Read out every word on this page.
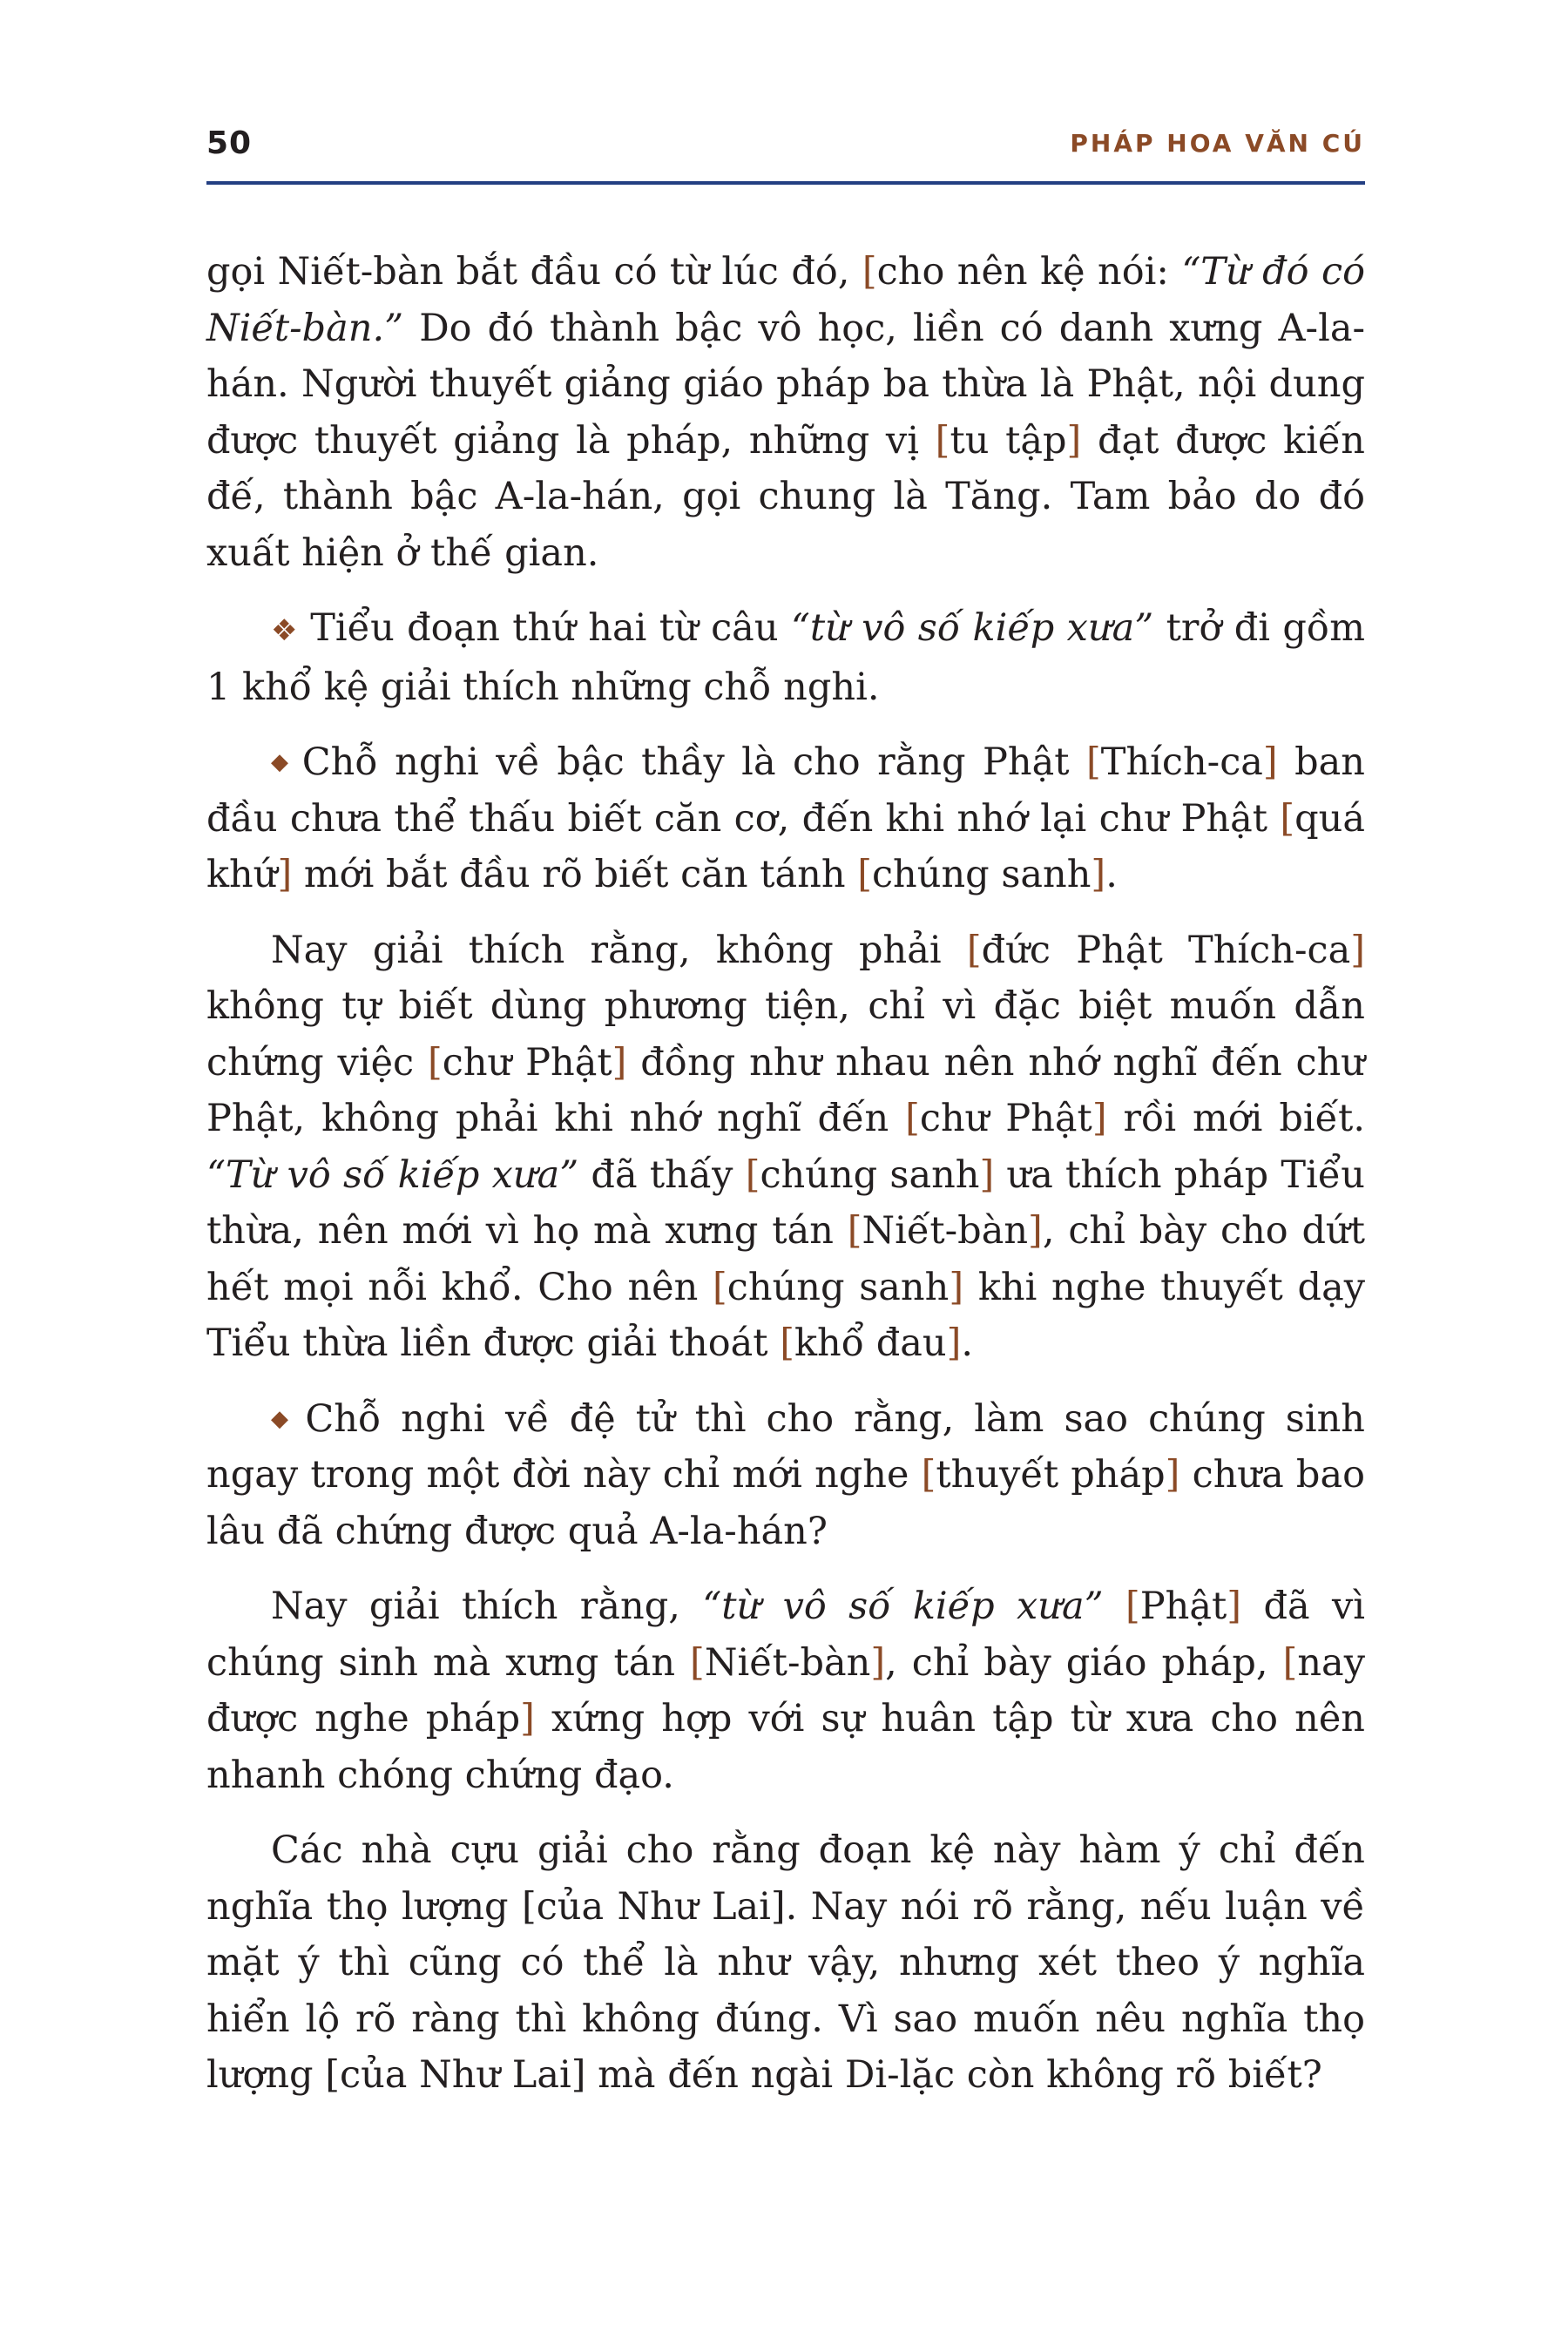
50	PHÁP HOA VĂN CÚ

gọi Niết-bàn bắt đầu có từ lúc đó, [cho nên kệ nói: “Từ đó có Niết-bàn.” Do đó thành bậc vô học, liền có danh xưng A-la-hán. Người thuyết giảng giáo pháp ba thừa là Phật, nội dung được thuyết giảng là pháp, những vị [tu tập] đạt được kiến đế, thành bậc A-la-hán, gọi chung là Tăng. Tam bảo do đó xuất hiện ở thế gian.

❖ Tiểu đoạn thứ hai từ câu “từ vô số kiếp xưa” trở đi gồm 1 khổ kệ giải thích những chỗ nghi.

◆ Chỗ nghi về bậc thầy là cho rằng Phật [Thích-ca] ban đầu chưa thể thấu biết căn cơ, đến khi nhớ lại chư Phật [quá khứ] mới bắt đầu rõ biết căn tánh [chúng sanh].

Nay giải thích rằng, không phải [đức Phật Thích-ca] không tự biết dùng phương tiện, chỉ vì đặc biệt muốn dẫn chứng việc [chư Phật] đồng như nhau nên nhớ nghĩ đến chư Phật, không phải khi nhớ nghĩ đến [chư Phật] rồi mới biết. “Từ vô số kiếp xưa” đã thấy [chúng sanh] ưa thích pháp Tiểu thừa, nên mới vì họ mà xưng tán [Niết-bàn], chỉ bày cho dứt hết mọi nỗi khổ. Cho nên [chúng sanh] khi nghe thuyết dạy Tiểu thừa liền được giải thoát [khổ đau].

◆ Chỗ nghi về đệ tử thì cho rằng, làm sao chúng sinh ngay trong một đời này chỉ mới nghe [thuyết pháp] chưa bao lâu đã chứng được quả A-la-hán?

Nay giải thích rằng, “từ vô số kiếp xưa” [Phật] đã vì chúng sinh mà xưng tán [Niết-bàn], chỉ bày giáo pháp, [nay được nghe pháp] xứng hợp với sự huân tập từ xưa cho nên nhanh chóng chứng đạo.

Các nhà cựu giải cho rằng đoạn kệ này hàm ý chỉ đến nghĩa thọ lượng [của Như Lai]. Nay nói rõ rằng, nếu luận về mặt ý thì cũng có thể là như vậy, nhưng xét theo ý nghĩa hiển lộ rõ ràng thì không đúng. Vì sao muốn nêu nghĩa thọ lượng [của Như Lai] mà đến ngài Di-lặc còn không rõ biết?
